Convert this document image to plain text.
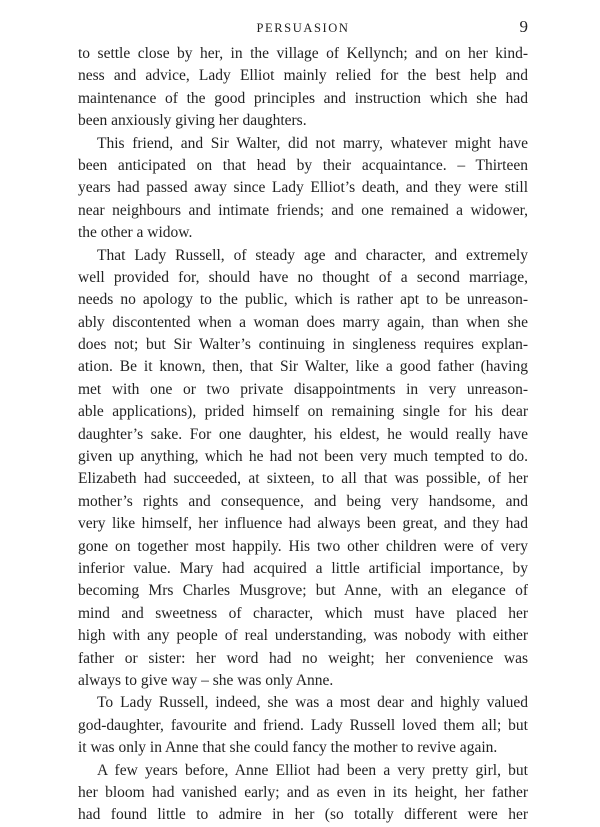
PERSUASION	9

to settle close by her, in the village of Kellynch; and on her kind-
ness and advice, Lady Elliot mainly relied for the best help and
maintenance of the good principles and instruction which she had
been anxiously giving her daughters.

This friend, and Sir Walter, did not marry, whatever might have
been anticipated on that head by their acquaintance. – Thirteen
years had passed away since Lady Elliot’s death, and they were still
near neighbours and intimate friends; and one remained a widower,
the other a widow.

That Lady Russell, of steady age and character, and extremely
well provided for, should have no thought of a second marriage,
needs no apology to the public, which is rather apt to be unreason-
ably discontented when a woman does marry again, than when she
does not; but Sir Walter’s continuing in singleness requires explan-
ation. Be it known, then, that Sir Walter, like a good father (having
met with one or two private disappointments in very unreason-
able applications), prided himself on remaining single for his dear
daughter’s sake. For one daughter, his eldest, he would really have
given up anything, which he had not been very much tempted to do.
Elizabeth had succeeded, at sixteen, to all that was possible, of her
mother’s rights and consequence, and being very handsome, and
very like himself, her influence had always been great, and they had
gone on together most happily. His two other children were of very
inferior value. Mary had acquired a little artificial importance, by
becoming Mrs Charles Musgrove; but Anne, with an elegance of
mind and sweetness of character, which must have placed her
high with any people of real understanding, was nobody with either
father or sister: her word had no weight; her convenience was
always to give way – she was only Anne.

To Lady Russell, indeed, she was a most dear and highly valued
god-daughter, favourite and friend. Lady Russell loved them all; but
it was only in Anne that she could fancy the mother to revive again.

A few years before, Anne Elliot had been a very pretty girl, but
her bloom had vanished early; and as even in its height, her father
had found little to admire in her (so totally different were her
